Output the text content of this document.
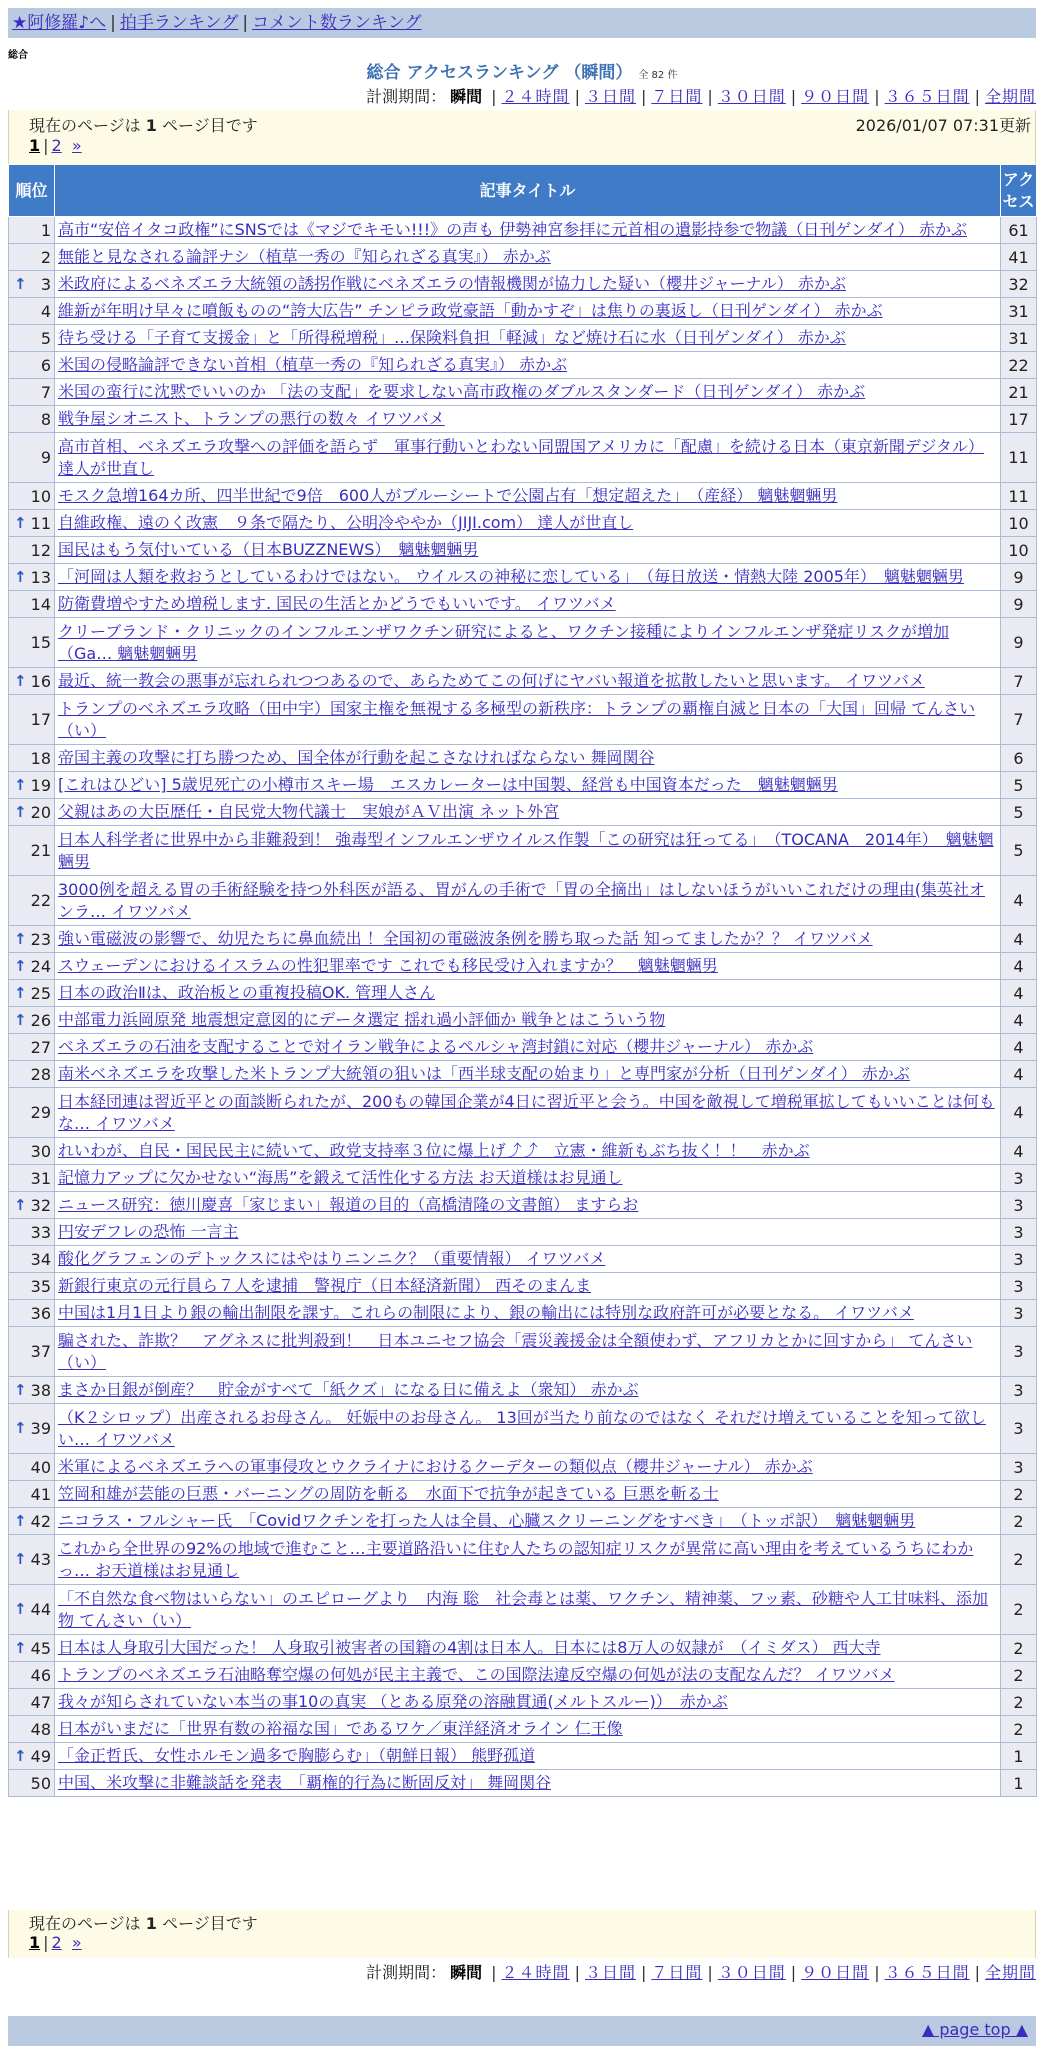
★阿修羅♪へ | 拍手ランキング | コメント数ランキング
総合
総合 アクセスランキング （瞬間） 全 82 件
計測期間： 瞬間 | ２４時間 | ３日間 | ７日間 | ３０日間 | ９０日間 | ３６５日間 | 全期間
現在のページは 1 ページ目です	2026/01/07 07:31更新
1 | 2 »
順位	記事タイトル	アクセス
1	高市“安倍イタコ政権”にSNSでは《マジでキモい!!!》の声も 伊勢神宮参拝に元首相の遺影持参で物議（日刊ゲンダイ） 赤かぶ	61
2	無能と見なされる論評ナシ（植草一秀の『知られざる真実』） 赤かぶ	41

↑ 3	米政府によるベネズエラ大統領の誘拐作戦にベネズエラの情報機関が協力した疑い（櫻井ジャーナル） 赤かぶ	32
4	維新が年明け早々に噴飯ものの“誇大広告” チンピラ政党豪語「動かすぞ」は焦りの裏返し（日刊ゲンダイ） 赤かぶ	31
5	待ち受ける「子育て支援金」と「所得税増税」…保険料負担「軽減」など焼け石に水（日刊ゲンダイ） 赤かぶ	31
6	米国の侵略論評できない首相（植草一秀の『知られざる真実』） 赤かぶ	22
7	米国の蛮行に沈黙でいいのか 「法の支配」を要求しない高市政権のダブルスタンダード（日刊ゲンダイ） 赤かぶ	21
8	戦争屋シオニスト、トランプの悪行の数々 イワツバメ	17
9	高市首相、ベネズエラ攻撃への評価を語らず　軍事行動いとわない同盟国アメリカに「配慮」を続ける日本（東京新聞デジタル） 達人が世直し	11
10	モスク急増164カ所、四半世紀で9倍　600人がブルーシートで公園占有「想定超えた」　（産経） 魑魅魍魎男	11

↑ 11	自維政権、遠のく改憲　９条で隔たり、公明冷ややか（JIJI.com） 達人が世直し	10
12	国民はもう気付いている（日本BUZZNEWS）　魑魅魍魎男	10

↑ 13	「河岡は人類を救おうとしているわけではない。 ウイルスの神秘に恋している」　（毎日放送・情熱大陸 2005年）　魑魅魍魎男	9
14	防衛費増やすため増税します. 国民の生活とかどうでもいいです。 イワツバメ	9
15	クリーブランド・クリニックのインフルエンザワクチン研究によると、ワクチン接種によりインフルエンザ発症リスクが増加（Ga… 魑魅魍魎男	9

↑ 16	最近、統一教会の悪事が忘れられつつあるので、あらためてこの何げにヤバい報道を拡散したいと思います。 イワツバメ	7
17	トランプのベネズエラ攻略（田中宇）国家主権を無視する多極型の新秩序：トランプの覇権自滅と日本の「大国」回帰 てんさい（い）	7
18	帝国主義の攻撃に打ち勝つため、国全体が行動を起こさなければならない 舞岡関谷	6

↑ 19	[これはひどい] 5歳児死亡の小樽市スキー場　エスカレーターは中国製、経営も中国資本だった　魑魅魍魎男	5

↑ 20	父親はあの大臣歴任・自民党大物代議士　実娘がＡＶ出演 ネット外宮	5
21	日本人科学者に世界中から非難殺到！ 強毒型インフルエンザウイルス作製「この研究は狂ってる」　（TOCANA　2014年）　魑魅魍魎男	5
22	3000例を超える胃の手術経験を持つ外科医が語る、胃がんの手術で「胃の全摘出」はしないほうがいいこれだけの理由(集英社オンラ… イワツバメ	4

↑ 23	強い電磁波の影響で、幼児たちに鼻血続出 ！全国初の電磁波条例を勝ち取った話 知ってましたか？？ イワツバメ	4

↑ 24	スウェーデンにおけるイスラムの性犯罪率です これでも移民受け入れますか？　魑魅魍魎男	4

↑ 25	日本の政治Ⅱは、政治板との重複投稿OK. 管理人さん	4

↑ 26	中部電力浜岡原発 地震想定意図的にデータ選定 揺れ過小評価か 戦争とはこういう物	4
27	ベネズエラの石油を支配することで対イラン戦争によるペルシャ湾封鎖に対応（櫻井ジャーナル） 赤かぶ	4
28	南米ベネズエラを攻撃した米トランプ大統領の狙いは「西半球支配の始まり」と専門家が分析（日刊ゲンダイ） 赤かぶ	4
29	日本経団連は習近平との面談断られたが、200もの韓国企業が4日に習近平と会う。中国を敵視して増税軍拡してもいいことは何もな… イワツバメ	4
30	れいわが、自民・国民民主に続いて、政党支持率３位に爆上げ⤴⤴　立憲・維新もぶち抜く！！　赤かぶ	4
31	記憶力アップに欠かせない“海馬”を鍛えて活性化する方法 お天道様はお見通し	3

↑ 32	ニュース研究：徳川慶喜「家じまい」報道の目的（高橋清隆の文書館） ますらお	3
33	円安デフレの恐怖 一言主	3
34	酸化グラフェンのデトックスにはやはりニンニク？（重要情報） イワツバメ	3
35	新銀行東京の元行員ら７人を逮捕　警視庁（日本経済新聞） 西そのまんま	3
36	中国は1月1日より銀の輸出制限を課す。これらの制限により、銀の輸出には特別な政府許可が必要となる。 イワツバメ	3
37	騙された、詐欺？　アグネスに批判殺到！　日本ユニセフ協会「震災義援金は全額使わず、アフリカとかに回すから」 てんさい（い）	3

↑ 38	まさか日銀が倒産？　貯金がすべて「紙クズ」になる日に備えよ（衆知） 赤かぶ	3

↑ 39	（K２シロップ）出産されるお母さん。 妊娠中のお母さん。 13回が当たり前なのではなく それだけ増えていることを知って欲しい… イワツバメ	3
40	米軍によるベネズエラへの軍事侵攻とウクライナにおけるクーデターの類似点（櫻井ジャーナル） 赤かぶ	3
41	笠岡和雄が芸能の巨悪・バーニングの周防を斬る　水面下で抗争が起きている 巨悪を斬る士	2

↑ 42	ニコラス・フルシャー氏　「Covidワクチンを打った人は全員、心臓スクリーニングをすべき」　（トッポ訳）　魑魅魍魎男	2

↑ 43	これから全世界の92%の地域で進むこと…主要道路沿いに住む人たちの認知症リスクが異常に高い理由を考えているうちにわかっ… お天道様はお見通し	2

↑ 44	「不自然な食べ物はいらない」のエピローグより　内海 聡　社会毒とは薬、ワクチン、精神薬、フッ素、砂糖や人工甘味料、添加物 てんさい（い）	2

↑ 45	日本は人身取引大国だった！ 人身取引被害者の国籍の4割は日本人。日本には8万人の奴隷が　（イミダス） 西大寺	2
46	トランプのベネズエラ石油略奪空爆の何処が民主主義で、この国際法違反空爆の何処が法の支配なんだ？ イワツバメ	2
47	我々が知らされていない本当の事10の真実 （とある原発の溶融貫通(メルトスルー)）　赤かぶ	2
48	日本がいまだに「世界有数の裕福な国」であるワケ／東洋経済オライン 仁王像	2

↑ 49	「金正哲氏、女性ホルモン過多で胸膨らむ」（朝鮮日報） 熊野孤道	1
50	中国、米攻撃に非難談話を発表　「覇権的行為に断固反対」 舞岡関谷	1
現在のページは 1 ページ目です
1 | 2 »
計測期間： 瞬間 | ２４時間 | ３日間 | ７日間 | ３０日間 | ９０日間 | ３６５日間 | 全期間
▲ page top ▲
